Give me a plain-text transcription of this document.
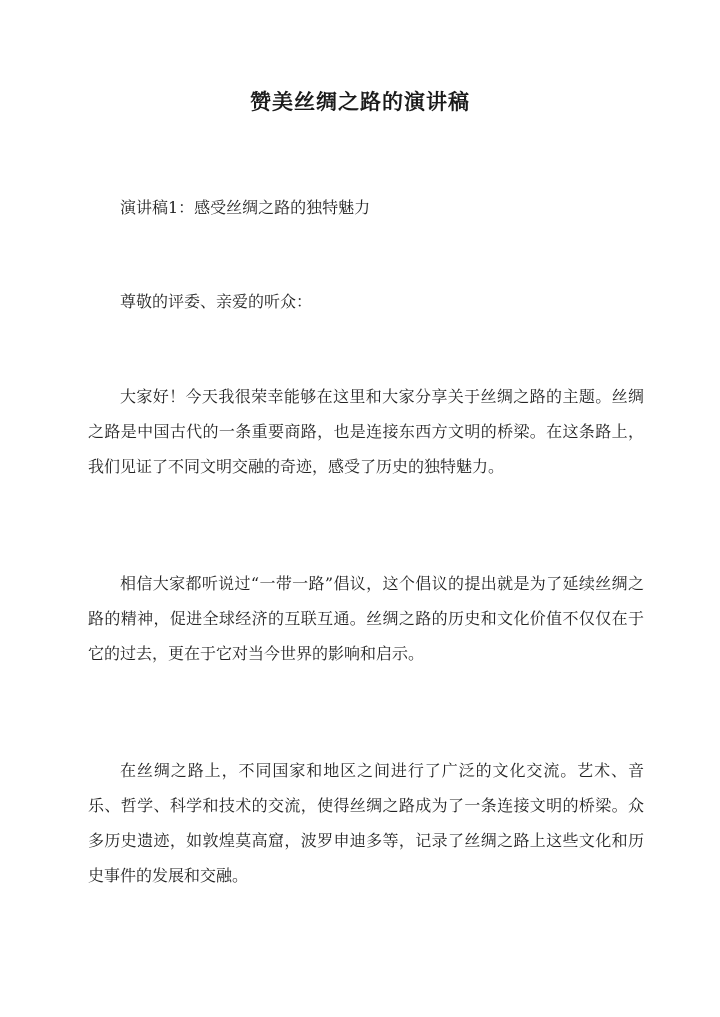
赞美丝绸之路的演讲稿

演讲稿1：感受丝绸之路的独特魅力

尊敬的评委、亲爱的听众：

大家好！今天我很荣幸能够在这里和大家分享关于丝绸之路的主题。丝绸之路是中国古代的一条重要商路，也是连接东西方文明的桥梁。在这条路上，我们见证了不同文明交融的奇迹，感受了历史的独特魅力。

相信大家都听说过“一带一路”倡议，这个倡议的提出就是为了延续丝绸之路的精神，促进全球经济的互联互通。丝绸之路的历史和文化价值不仅仅在于它的过去，更在于它对当今世界的影响和启示。

在丝绸之路上，不同国家和地区之间进行了广泛的文化交流。艺术、音乐、哲学、科学和技术的交流，使得丝绸之路成为了一条连接文明的桥梁。众多历史遗迹，如敦煌莫高窟，波罗申迪多等，记录了丝绸之路上这些文化和历史事件的发展和交融。
